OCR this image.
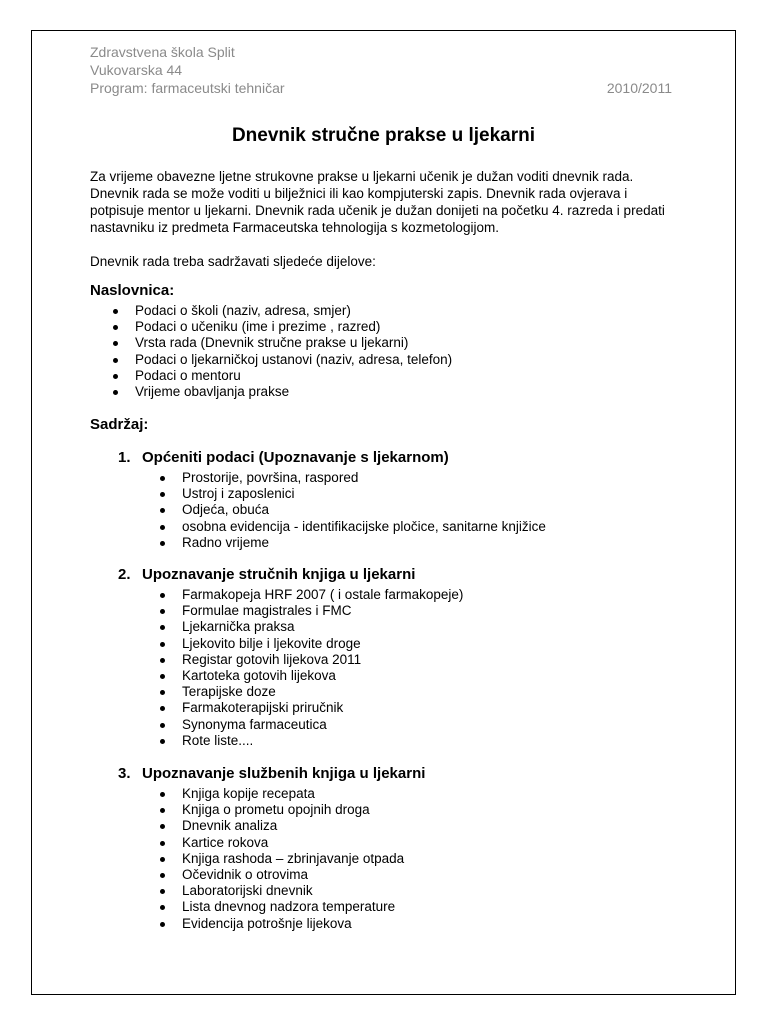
Zdravstvena škola Split
Vukovarska 44
Program: farmaceutski tehničar	2010/2011
Dnevnik stručne prakse u ljekarni

Za vrijeme obavezne ljetne strukovne prakse u ljekarni učenik je dužan voditi dnevnik rada. Dnevnik rada se može voditi u bilježnici ili kao kompjuterski zapis. Dnevnik rada ovjerava i potpisuje mentor u ljekarni. Dnevnik rada učenik je dužan donijeti na početku 4. razreda i predati nastavniku iz predmeta Farmaceutska tehnologija s kozmetologijom.

Dnevnik rada treba sadržavati sljedeće dijelove:

Naslovnica:
Podaci o školi (naziv, adresa, smjer)
Podaci o učeniku (ime i prezime , razred)
Vrsta rada (Dnevnik stručne prakse u ljekarni)
Podaci o ljekarničkoj ustanovi (naziv, adresa, telefon)
Podaci o mentoru
Vrijeme obavljanja prakse
Sadržaj:
1. Općeniti podaci (Upoznavanje s ljekarnom)
Prostorije, površina, raspored
Ustroj i zaposlenici
Odjeća, obuća
osobna evidencija - identifikacijske pločice, sanitarne knjižice
Radno vrijeme
2. Upoznavanje stručnih knjiga u ljekarni
Farmakopeja HRF 2007 ( i ostale farmakopeje)
Formulae magistrales i FMC
Ljekarnička praksa
Ljekovito bilje i ljekovite droge
Registar gotovih lijekova 2011
Kartoteka gotovih lijekova
Terapijske doze
Farmakoterapijski priručnik
Synonyma farmaceutica
Rote liste....
3. Upoznavanje službenih knjiga u ljekarni
Knjiga kopije recepata
Knjiga o prometu opojnih droga
Dnevnik analiza
Kartice rokova
Knjiga rashoda – zbrinjavanje otpada
Očevidnik o otrovima
Laboratorijski dnevnik
Lista dnevnog nadzora temperature
Evidencija potrošnje lijekova
